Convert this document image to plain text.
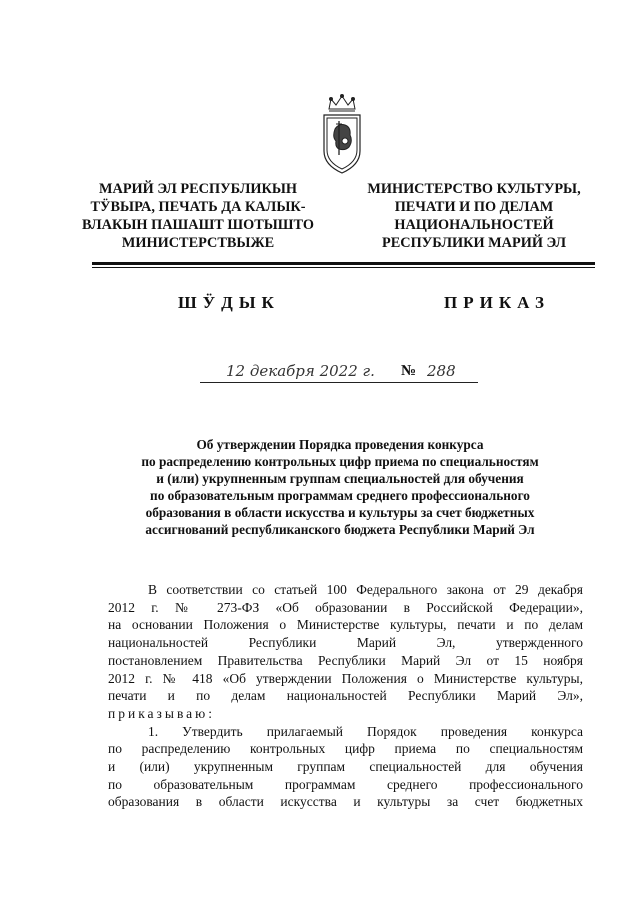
МАРИЙ ЭЛ РЕСПУБЛИКЫН
ТӰВЫРА, ПЕЧАТЬ ДА КАЛЫК-
ВЛАКЫН ПАШАШТ ШОТЫШТО
МИНИСТЕРСТВЫЖЕ
МИНИСТЕРСТВО КУЛЬТУРЫ,
ПЕЧАТИ И ПО ДЕЛАМ
НАЦИОНАЛЬНОСТЕЙ
РЕСПУБЛИКИ МАРИЙ ЭЛ
ШӰДЫК	ПРИКАЗ
12 декабря 2022 г. № 288
Об утверждении Порядка проведения конкурса
по распределению контрольных цифр приема по специальностям
и (или) укрупненным группам специальностей для обучения
по образовательным программам среднего профессионального
образования в области искусства и культуры за счет бюджетных
ассигнований республиканского бюджета Республики Марий Эл
В соответствии со статьей 100 Федерального закона от 29 декабря
2012 г. № 273-ФЗ «Об образовании в Российской Федерации»,
на основании Положения о Министерстве культуры, печати и по делам
национальностей Республики Марий Эл, утвержденного
постановлением Правительства Республики Марий Эл от 15 ноября
2012 г. № 418 «Об утверждении Положения о Министерстве культуры,
печати и по делам национальностей Республики Марий Эл»,
приказываю:
1. Утвердить прилагаемый Порядок проведения конкурса
по распределению контрольных цифр приема по специальностям
и (или) укрупненным группам специальностей для обучения
по образовательным программам среднего профессионального
образования в области искусства и культуры за счет бюджетных
